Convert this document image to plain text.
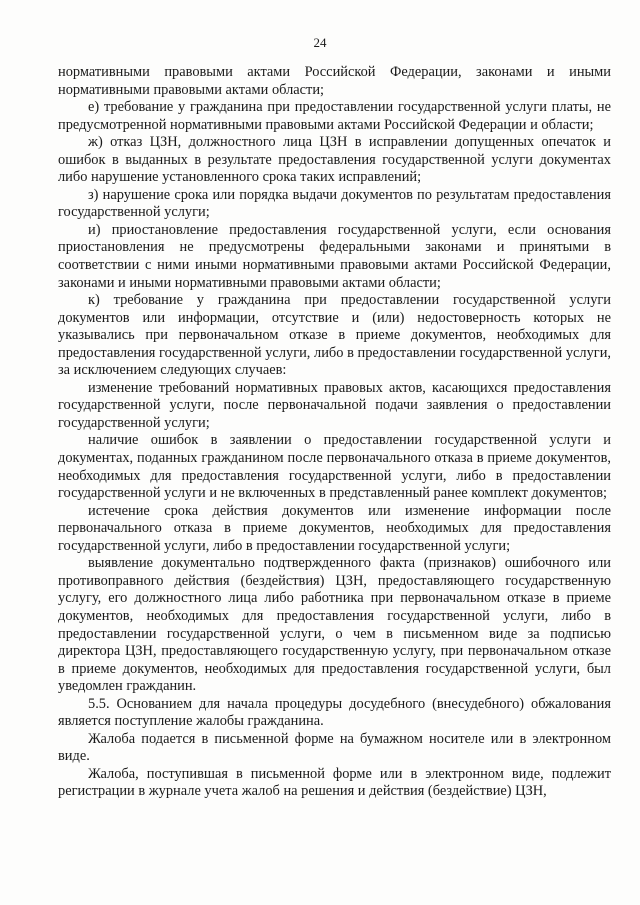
24

нормативными правовыми актами Российской Федерации, законами и иными нормативными правовыми актами области;

е) требование у гражданина при предоставлении государственной услуги платы, не предусмотренной нормативными правовыми актами Российской Федерации и области;

ж) отказ ЦЗН, должностного лица ЦЗН в исправлении допущенных опечаток и ошибок в выданных в результате предоставления государственной услуги документах либо нарушение установленного срока таких исправлений;

з) нарушение срока или порядка выдачи документов по результатам предоставления государственной услуги;

и) приостановление предоставления государственной услуги, если основания приостановления не предусмотрены федеральными законами и принятыми в соответствии с ними иными нормативными правовыми актами Российской Федерации, законами и иными нормативными правовыми актами области;

к) требование у гражданина при предоставлении государственной услуги документов или информации, отсутствие и (или) недостоверность которых не указывались при первоначальном отказе в приеме документов, необходимых для предоставления государственной услуги, либо в предоставлении государственной услуги, за исключением следующих случаев:

изменение требований нормативных правовых актов, касающихся предоставления государственной услуги, после первоначальной подачи заявления о предоставлении государственной услуги;

наличие ошибок в заявлении о предоставлении государственной услуги и документах, поданных гражданином после первоначального отказа в приеме документов, необходимых для предоставления государственной услуги, либо в предоставлении государственной услуги и не включенных в представленный ранее комплект документов;

истечение срока действия документов или изменение информации после первоначального отказа в приеме документов, необходимых для предоставления государственной услуги, либо в предоставлении государственной услуги;

выявление документально подтвержденного факта (признаков) ошибочного или противоправного действия (бездействия) ЦЗН, предоставляющего государственную услугу, его должностного лица либо работника при первоначальном отказе в приеме документов, необходимых для предоставления государственной услуги, либо в предоставлении государственной услуги, о чем в письменном виде за подписью директора ЦЗН, предоставляющего государственную услугу, при первоначальном отказе в приеме документов, необходимых для предоставления государственной услуги, был уведомлен гражданин.

5.5. Основанием для начала процедуры досудебного (внесудебного) обжалования является поступление жалобы гражданина.

Жалоба подается в письменной форме на бумажном носителе или в электронном виде.

Жалоба, поступившая в письменной форме или в электронном виде, подлежит регистрации в журнале учета жалоб на решения и действия (бездействие) ЦЗН,
